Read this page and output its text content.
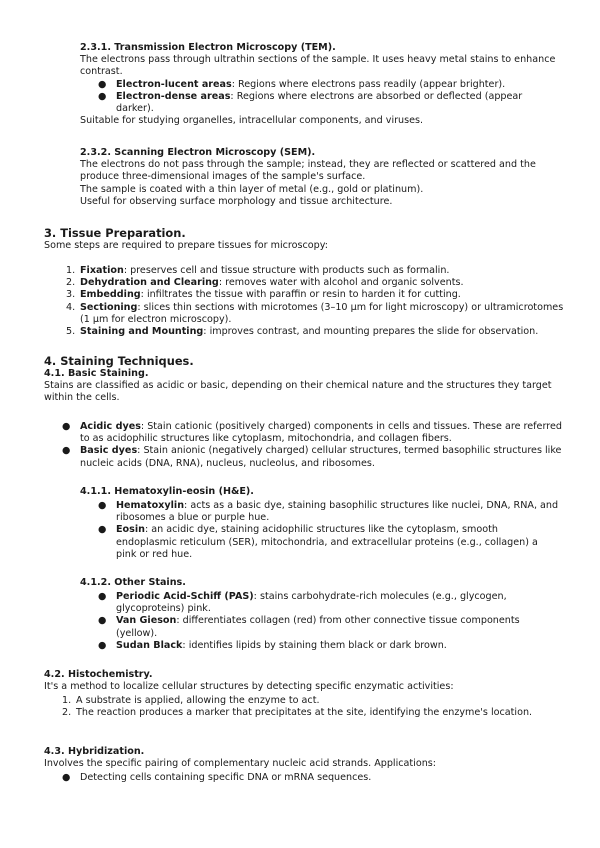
2.3.1. Transmission Electron Microscopy (TEM).

The electrons pass through ultrathin sections of the sample. It uses heavy metal stains to enhance contrast.

● Electron-lucent areas: Regions where electrons pass readily (appear brighter).
● Electron-dense areas: Regions where electrons are absorbed or deflected (appear darker).

Suitable for studying organelles, intracellular components, and viruses.

2.3.2. Scanning Electron Microscopy (SEM).

The electrons do not pass through the sample; instead, they are reflected or scattered and the produce three-dimensional images of the sample's surface.

The sample is coated with a thin layer of metal (e.g., gold or platinum).

Useful for observing surface morphology and tissue architecture.

3. Tissue Preparation.

Some steps are required to prepare tissues for microscopy:

1. Fixation: preserves cell and tissue structure with products such as formalin.
2. Dehydration and Clearing: removes water with alcohol and organic solvents.
3. Embedding: infiltrates the tissue with paraffin or resin to harden it for cutting.
4. Sectioning: slices thin sections with microtomes (3–10 µm for light microscopy) or ultramicrotomes (1 µm for electron microscopy).
5. Staining and Mounting: improves contrast, and mounting prepares the slide for observation.

4. Staining Techniques.

4.1. Basic Staining.

Stains are classified as acidic or basic, depending on their chemical nature and the structures they target within the cells.

● Acidic dyes: Stain cationic (positively charged) components in cells and tissues. These are referred to as acidophilic structures like cytoplasm, mitochondria, and collagen fibers.
● Basic dyes: Stain anionic (negatively charged) cellular structures, termed basophilic structures like nucleic acids (DNA, RNA), nucleus, nucleolus, and ribosomes.

4.1.1. Hematoxylin-eosin (H&E).

● Hematoxylin: acts as a basic dye, staining basophilic structures like nuclei, DNA, RNA, and ribosomes a blue or purple hue.
● Eosin: an acidic dye, staining acidophilic structures like the cytoplasm, smooth endoplasmic reticulum (SER), mitochondria, and extracellular proteins (e.g., collagen) a pink or red hue.

4.1.2. Other Stains.

● Periodic Acid-Schiff (PAS): stains carbohydrate-rich molecules (e.g., glycogen, glycoproteins) pink.
● Van Gieson: differentiates collagen (red) from other connective tissue components (yellow).
● Sudan Black: identifies lipids by staining them black or dark brown.

4.2. Histochemistry.

It's a method to localize cellular structures by detecting specific enzymatic activities:

1. A substrate is applied, allowing the enzyme to act.
2. The reaction produces a marker that precipitates at the site, identifying the enzyme's location.

4.3. Hybridization.

Involves the specific pairing of complementary nucleic acid strands. Applications:

● Detecting cells containing specific DNA or mRNA sequences.
